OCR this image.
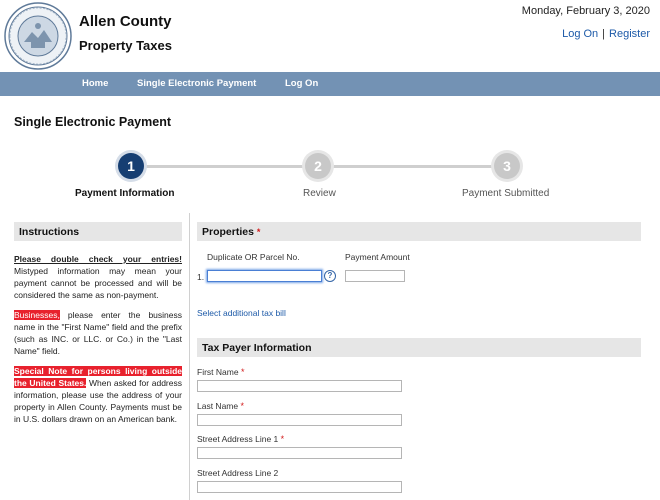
Allen County
Property Taxes
Monday, February 3, 2020
Log On | Register
Home	Single Electronic Payment	Log On
Single Electronic Payment
1	2	3
Payment Information	Review	Payment Submitted
Instructions

Please double check your entries! Mistyped information may mean your payment cannot be processed and will be considered the same as non-payment.

Businesses, please enter the business name in the "First Name" field and the prefix (such as INC. or LLC. or Co.) in the "Last Name" field.

Special Note for persons living outside the United States. When asked for address information, please use the address of your property in Allen County. Payments must be in U.S. dollars drawn on an American bank.

Properties *
Duplicate OR Parcel No.	Payment Amount
1.	?
Select additional tax bill
Tax Payer Information
First Name *
Last Name *
Street Address Line 1 *
Street Address Line 2
